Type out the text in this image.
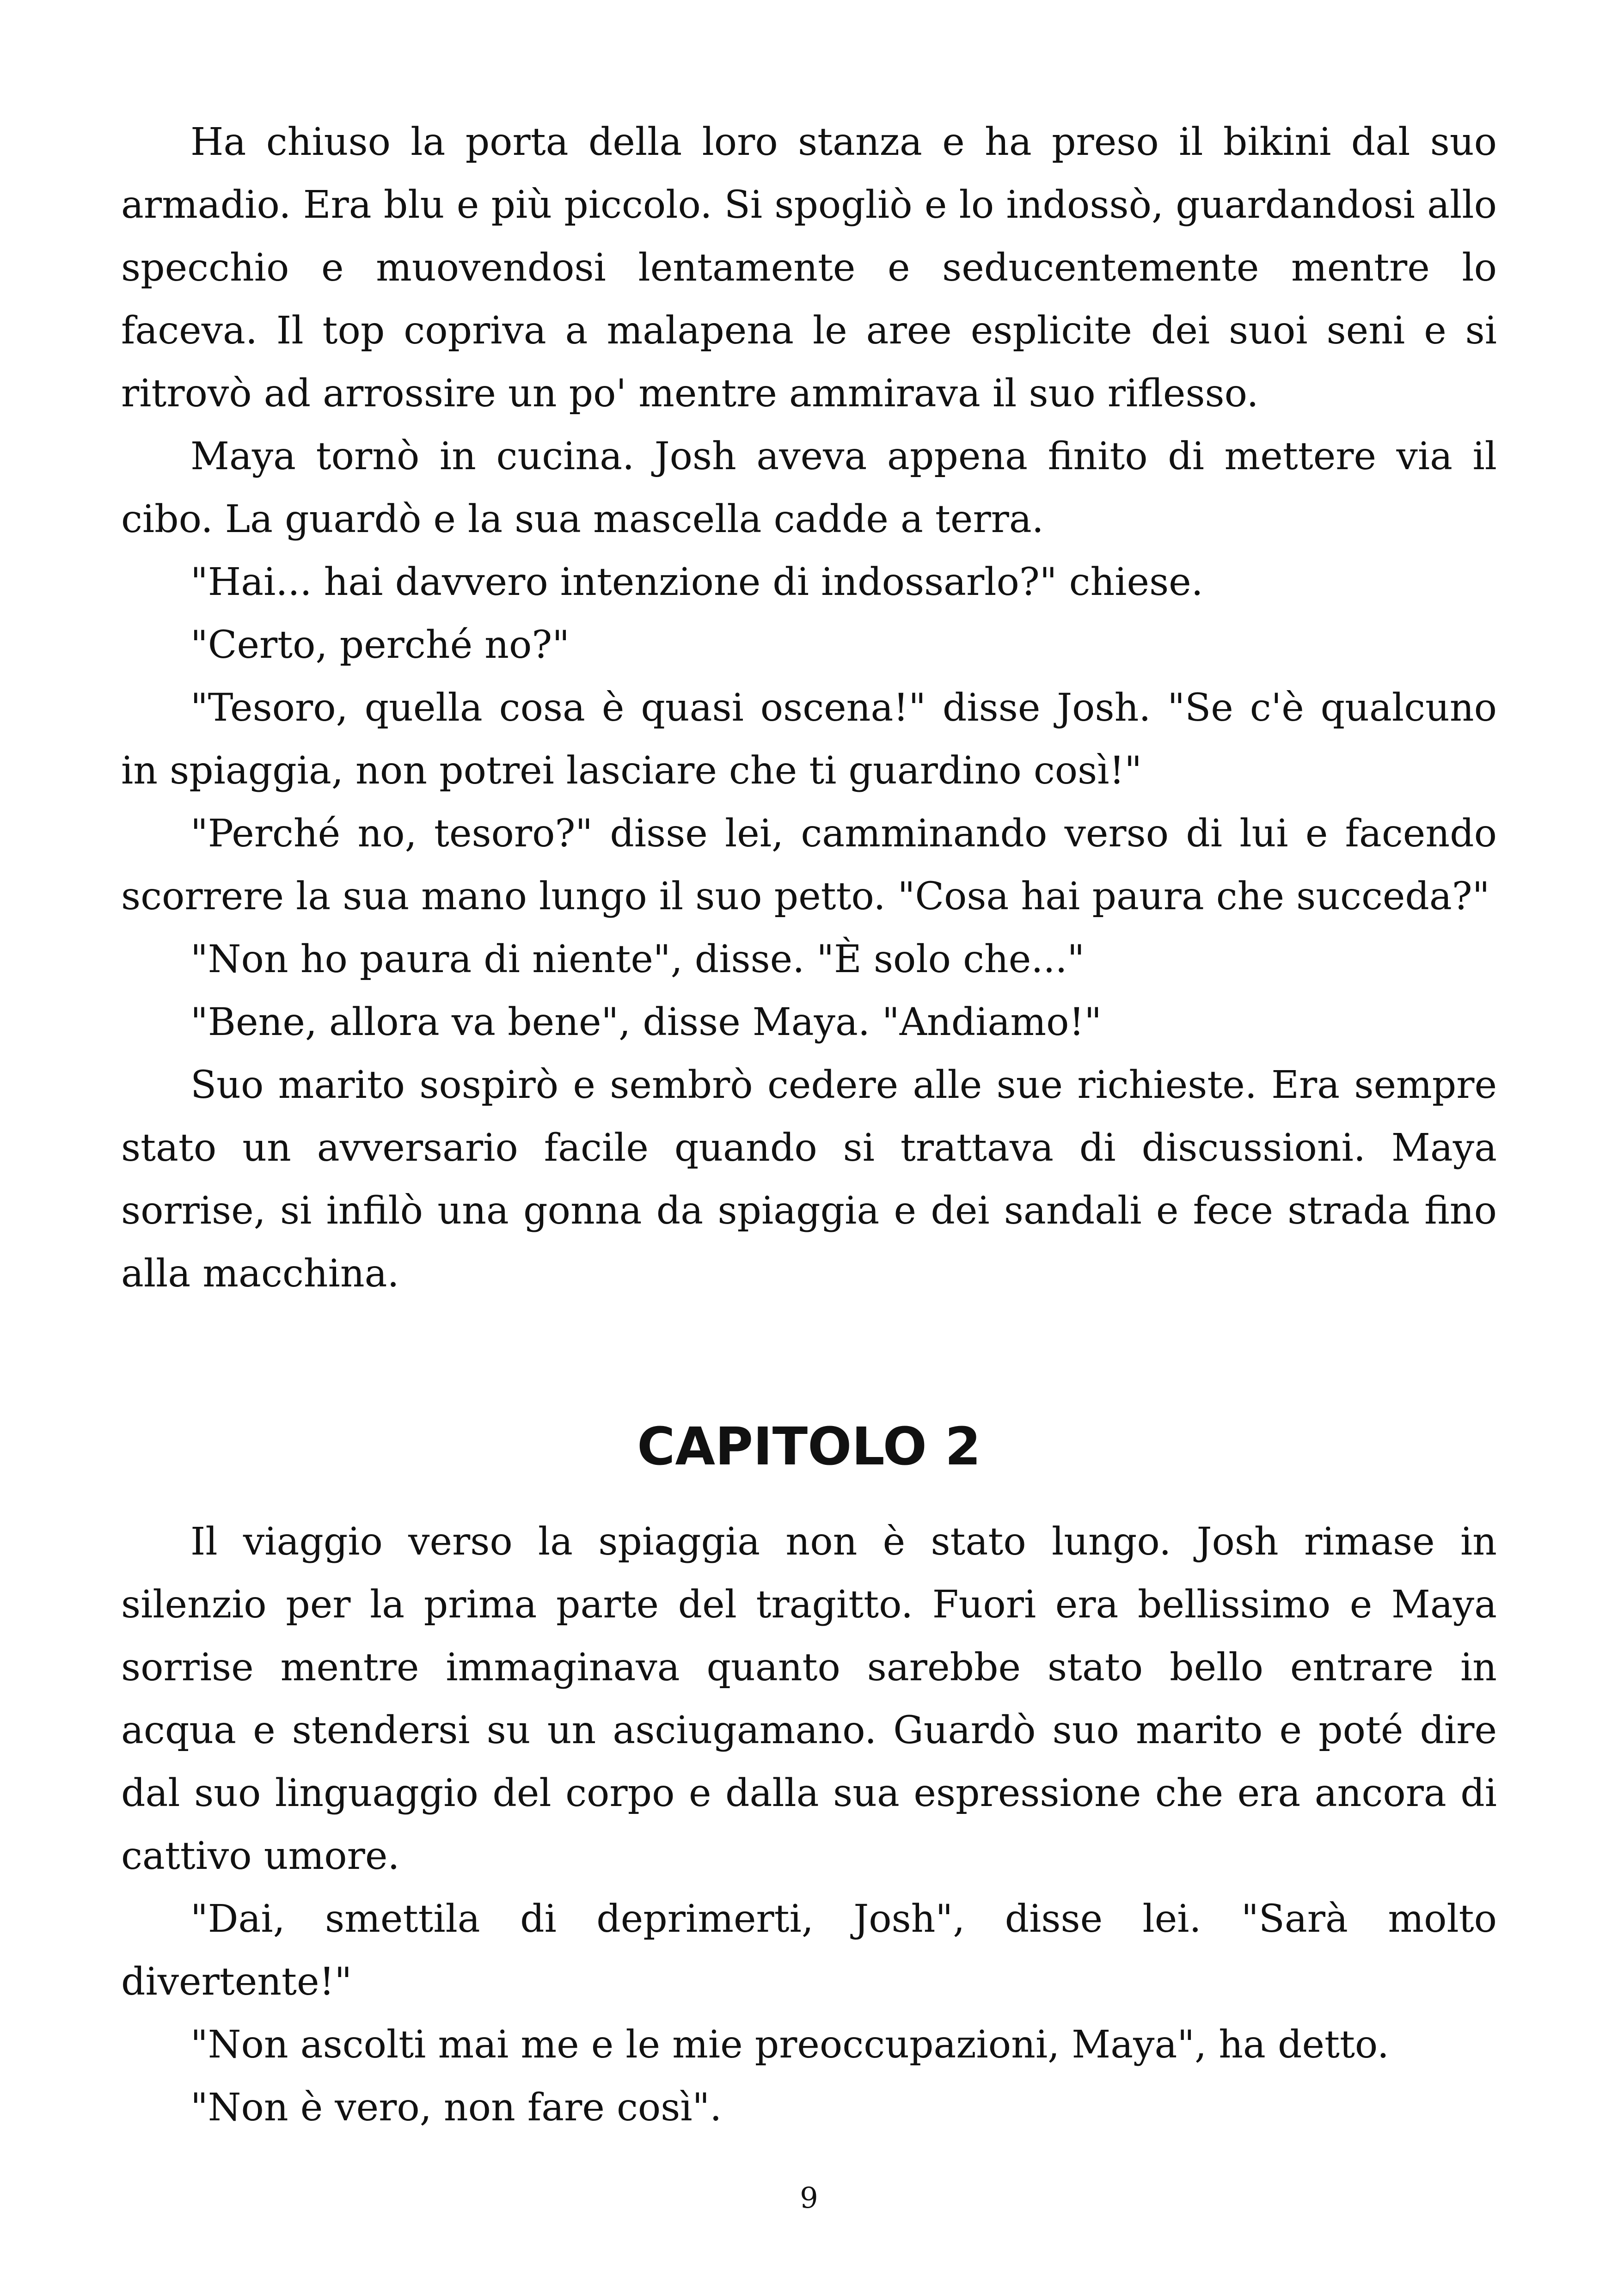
Ha chiuso la porta della loro stanza e ha preso il bikini dal suo armadio. Era blu e più piccolo. Si spogliò e lo indossò, guardandosi allo specchio e muovendosi lentamente e seducentemente mentre lo faceva. Il top copriva a malapena le aree esplicite dei suoi seni e si ritrovò ad arrossire un po' mentre ammirava il suo riflesso.

Maya tornò in cucina. Josh aveva appena finito di mettere via il cibo. La guardò e la sua mascella cadde a terra.

"Hai... hai davvero intenzione di indossarlo?" chiese.

"Certo, perché no?"

"Tesoro, quella cosa è quasi oscena!" disse Josh. "Se c'è qualcuno in spiaggia, non potrei lasciare che ti guardino così!"

"Perché no, tesoro?" disse lei, camminando verso di lui e facendo scorrere la sua mano lungo il suo petto. "Cosa hai paura che succeda?"

"Non ho paura di niente", disse. "È solo che..."

"Bene, allora va bene", disse Maya. "Andiamo!"

Suo marito sospirò e sembrò cedere alle sue richieste. Era sempre stato un avversario facile quando si trattava di discussioni. Maya sorrise, si infilò una gonna da spiaggia e dei sandali e fece strada fino alla macchina.

CAPITOLO 2

Il viaggio verso la spiaggia non è stato lungo. Josh rimase in silenzio per la prima parte del tragitto. Fuori era bellissimo e Maya sorrise mentre immaginava quanto sarebbe stato bello entrare in acqua e stendersi su un asciugamano. Guardò suo marito e poté dire dal suo linguaggio del corpo e dalla sua espressione che era ancora di cattivo umore.

"Dai, smettila di deprimerti, Josh", disse lei. "Sarà molto divertente!"

"Non ascolti mai me e le mie preoccupazioni, Maya", ha detto.

"Non è vero, non fare così".

9
